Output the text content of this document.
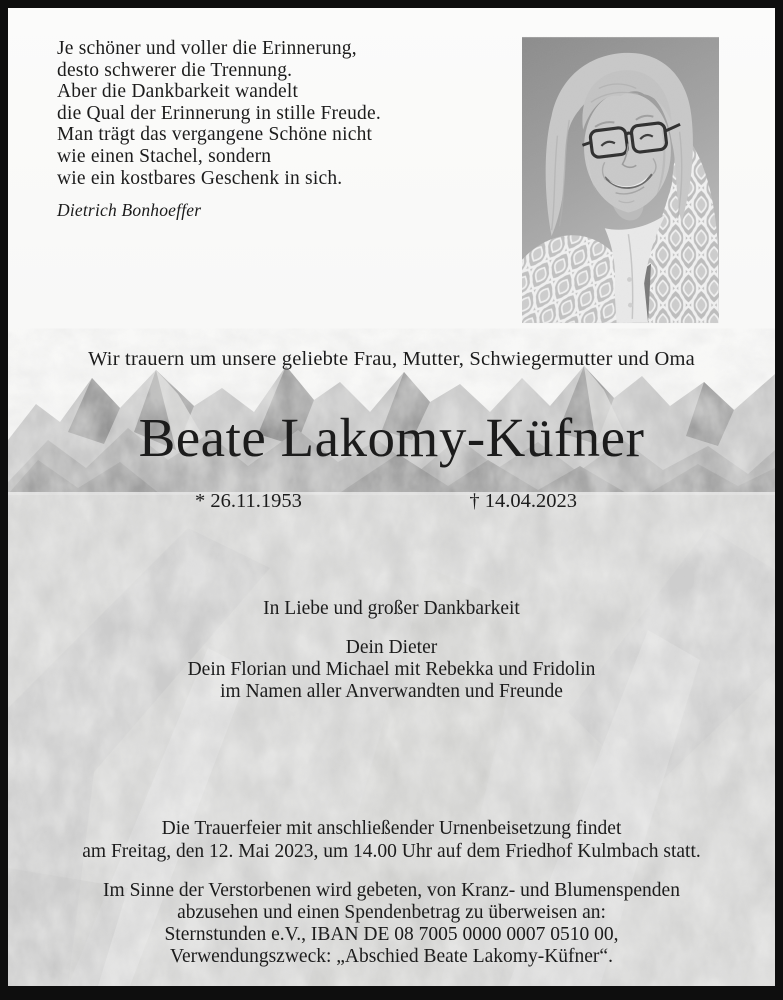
Je schöner und voller die Erinnerung,
desto schwerer die Trennung.
Aber die Dankbarkeit wandelt
die Qual der Erinnerung in stille Freude.
Man trägt das vergangene Schöne nicht
wie einen Stachel, sondern
wie ein kostbares Geschenk in sich.
Dietrich Bonhoeffer
Wir trauern um unsere geliebte Frau, Mutter, Schwiegermutter und Oma
Beate Lakomy-Küfner
* 26.11.1953	† 14.04.2023
In Liebe und großer Dankbarkeit
Dein Dieter
Dein Florian und Michael mit Rebekka und Fridolin
im Namen aller Anverwandten und Freunde
Die Trauerfeier mit anschließender Urnenbeisetzung findet
am Freitag, den 12. Mai 2023, um 14.00 Uhr auf dem Friedhof Kulmbach statt.
Im Sinne der Verstorbenen wird gebeten, von Kranz- und Blumenspenden
abzusehen und einen Spendenbetrag zu überweisen an:
Sternstunden e.V., IBAN DE 08 7005 0000 0007 0510 00,
Verwendungszweck: „Abschied Beate Lakomy-Küfner“.
